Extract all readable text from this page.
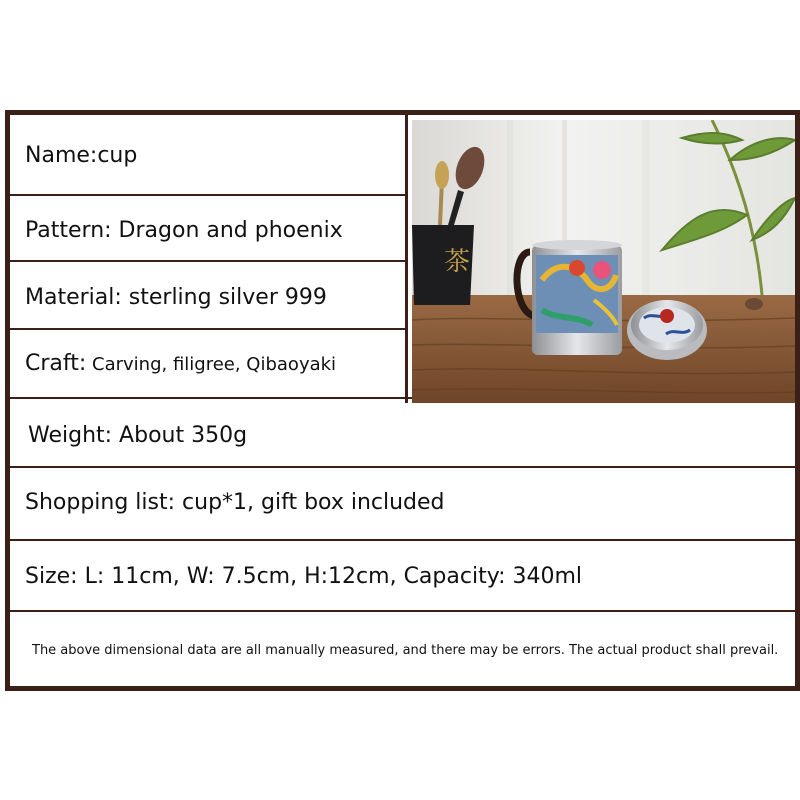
Name:cup
Pattern: Dragon and phoenix
Material: sterling silver 999
Craft: Carving, filigree, Qibaoyaki
Weight: About 350g
Shopping list: cup*1, gift box included
Size: L: 11cm, W: 7.5cm, H:12cm, Capacity: 340ml
The above dimensional data are all manually measured, and there may be errors. The actual product shall prevail.
茶
